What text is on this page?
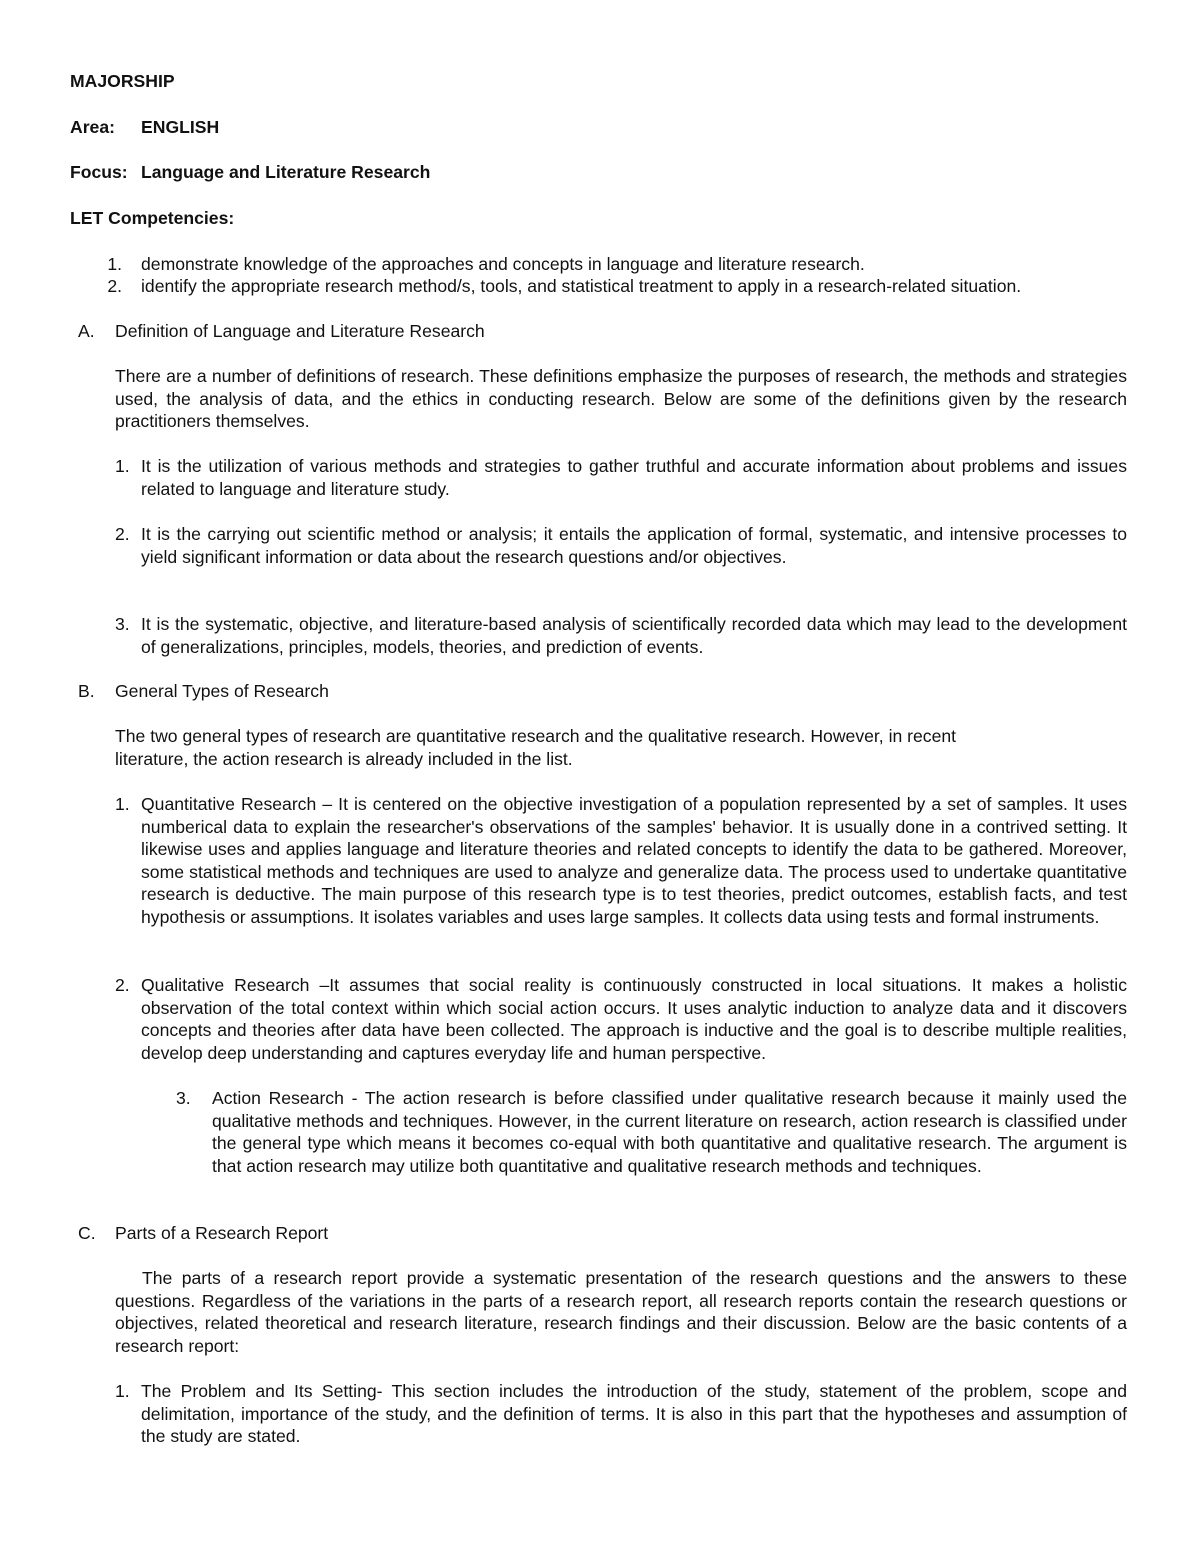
MAJORSHIP
Area: ENGLISH
Focus: Language and Literature Research
LET Competencies:
1. demonstrate knowledge of the approaches and concepts in language and literature research.
2. identify the appropriate research method/s, tools, and statistical treatment to apply in a research-related situation.
A. Definition of Language and Literature Research
There are a number of definitions of research. These definitions emphasize the purposes of research, the methods and strategies used, the analysis of data, and the ethics in conducting research. Below are some of the definitions given by the research practitioners themselves.
1. It is the utilization of various methods and strategies to gather truthful and accurate information about problems and issues related to language and literature study.
2. It is the carrying out scientific method or analysis; it entails the application of formal, systematic, and intensive processes to yield significant information or data about the research questions and/or objectives.
3. It is the systematic, objective, and literature-based analysis of scientifically recorded data which may lead to the development of generalizations, principles, models, theories, and prediction of events.
B. General Types of Research
The two general types of research are quantitative research and the qualitative research. However, in recent
literature, the action research is already included in the list.
1. Quantitative Research – It is centered on the objective investigation of a population represented by a set of samples. It uses numberical data to explain the researcher's observations of the samples' behavior. It is usually done in a contrived setting. It likewise uses and applies language and literature theories and related concepts to identify the data to be gathered. Moreover, some statistical methods and techniques are used to analyze and generalize data. The process used to undertake quantitative research is deductive. The main purpose of this research type is to test theories, predict outcomes, establish facts, and test hypothesis or assumptions. It isolates variables and uses large samples. It collects data using tests and formal instruments.
2. Qualitative Research –It assumes that social reality is continuously constructed in local situations. It makes a holistic observation of the total context within which social action occurs. It uses analytic induction to analyze data and it discovers concepts and theories after data have been collected. The approach is inductive and the goal is to describe multiple realities, develop deep understanding and captures everyday life and human perspective.
3. Action Research - The action research is before classified under qualitative research because it mainly used the qualitative methods and techniques. However, in the current literature on research, action research is classified under the general type which means it becomes co-equal with both quantitative and qualitative research. The argument is that action research may utilize both quantitative and qualitative research methods and techniques.
C. Parts of a Research Report
The parts of a research report provide a systematic presentation of the research questions and the answers to these questions. Regardless of the variations in the parts of a research report, all research reports contain the research questions or objectives, related theoretical and research literature, research findings and their discussion. Below are the basic contents of a research report:
1. The Problem and Its Setting- This section includes the introduction of the study, statement of the problem, scope and delimitation, importance of the study, and the definition of terms. It is also in this part that the hypotheses and assumption of the study are stated.
